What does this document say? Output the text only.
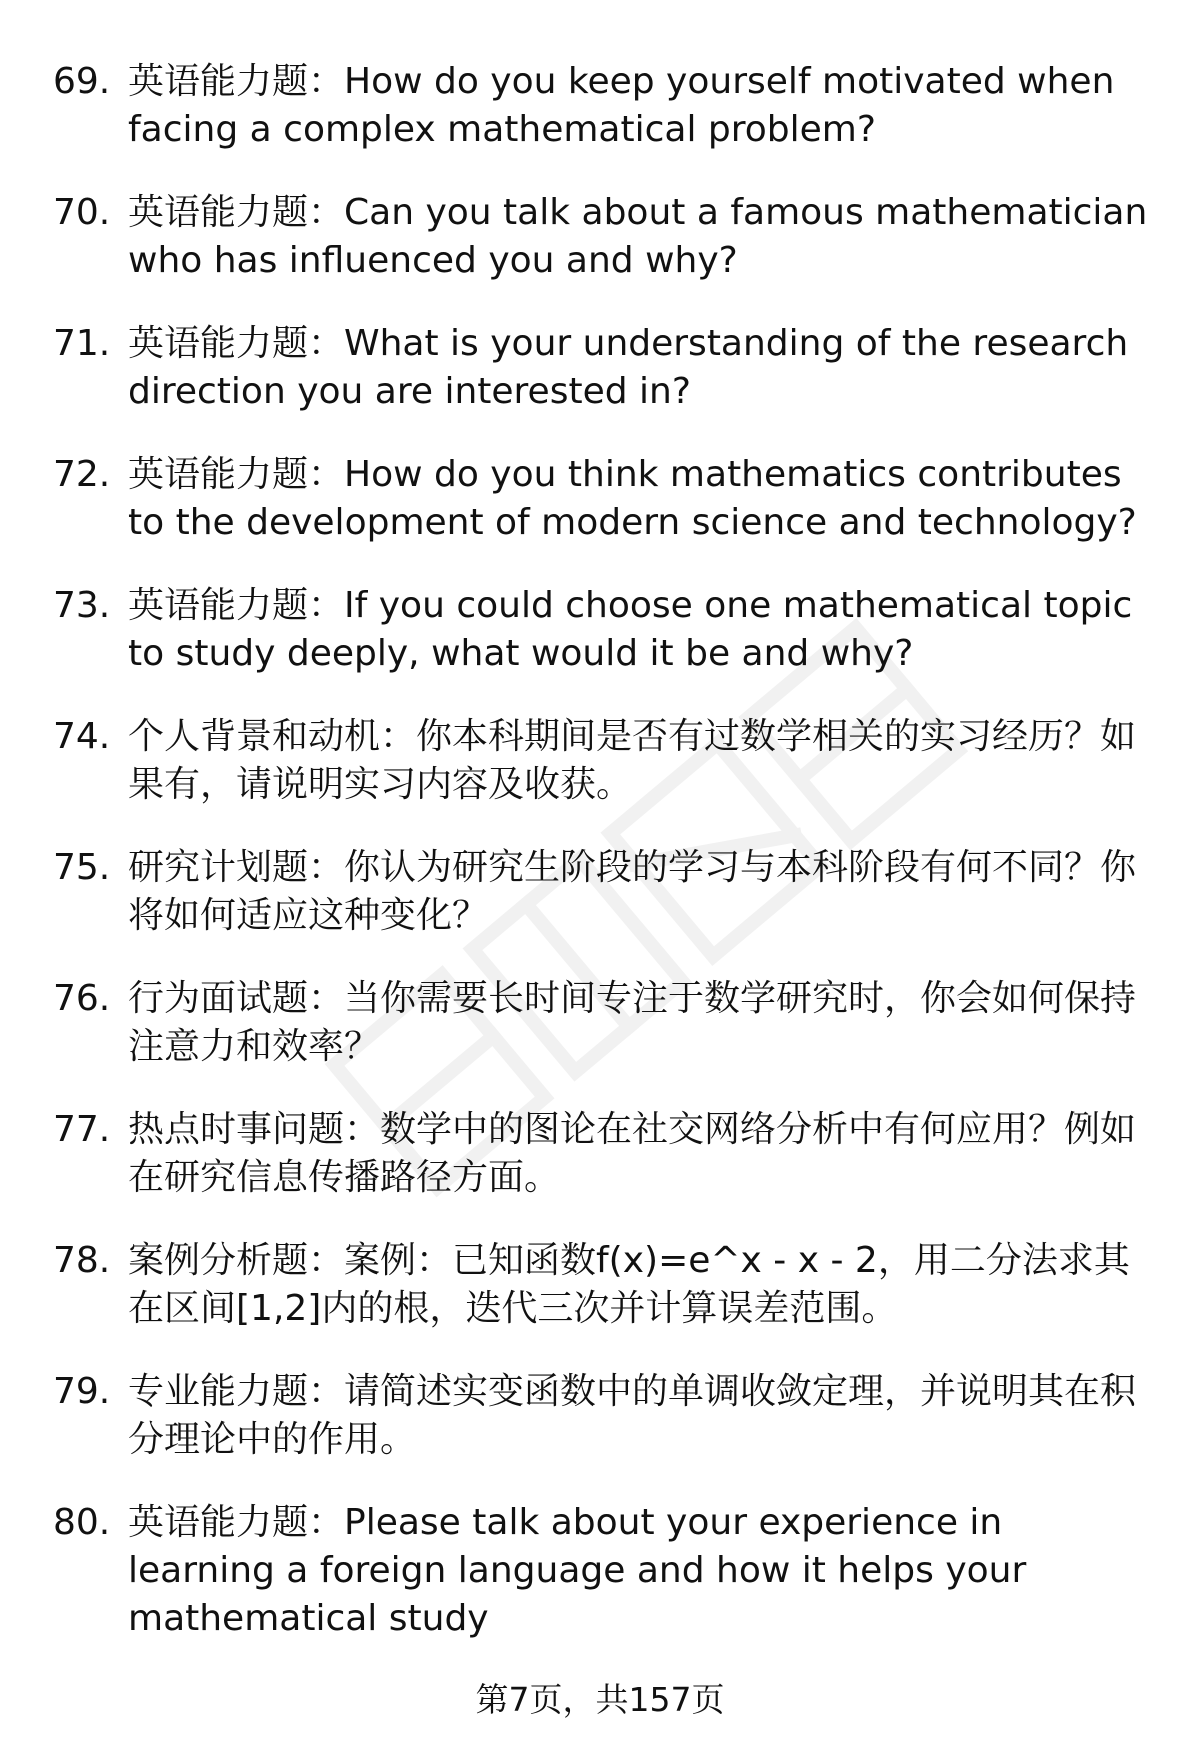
69. 英语能力题：How do you keep yourself motivated when facing a complex mathematical problem?
70. 英语能力题：Can you talk about a famous mathematician who has influenced you and why?
71. 英语能力题：What is your understanding of the research direction you are interested in?
72. 英语能力题：How do you think mathematics contributes to the development of modern science and technology?
73. 英语能力题：If you could choose one mathematical topic to study deeply, what would it be and why?
74. 个人背景和动机：你本科期间是否有过数学相关的实习经历？如果有，请说明实习内容及收获。
75. 研究计划题：你认为研究生阶段的学习与本科阶段有何不同？你将如何适应这种变化？
76. 行为面试题：当你需要长时间专注于数学研究时，你会如何保持注意力和效率？
77. 热点时事问题：数学中的图论在社交网络分析中有何应用？例如在研究信息传播路径方面。
78. 案例分析题：案例：已知函数f(x)=e^x - x - 2，用二分法求其在区间[1,2]内的根，迭代三次并计算误差范围。
79. 专业能力题：请简述实变函数中的单调收敛定理，并说明其在积分理论中的作用。
80. 英语能力题：Please talk about your experience in learning a foreign language and how it helps your mathematical study
第7页，共157页
